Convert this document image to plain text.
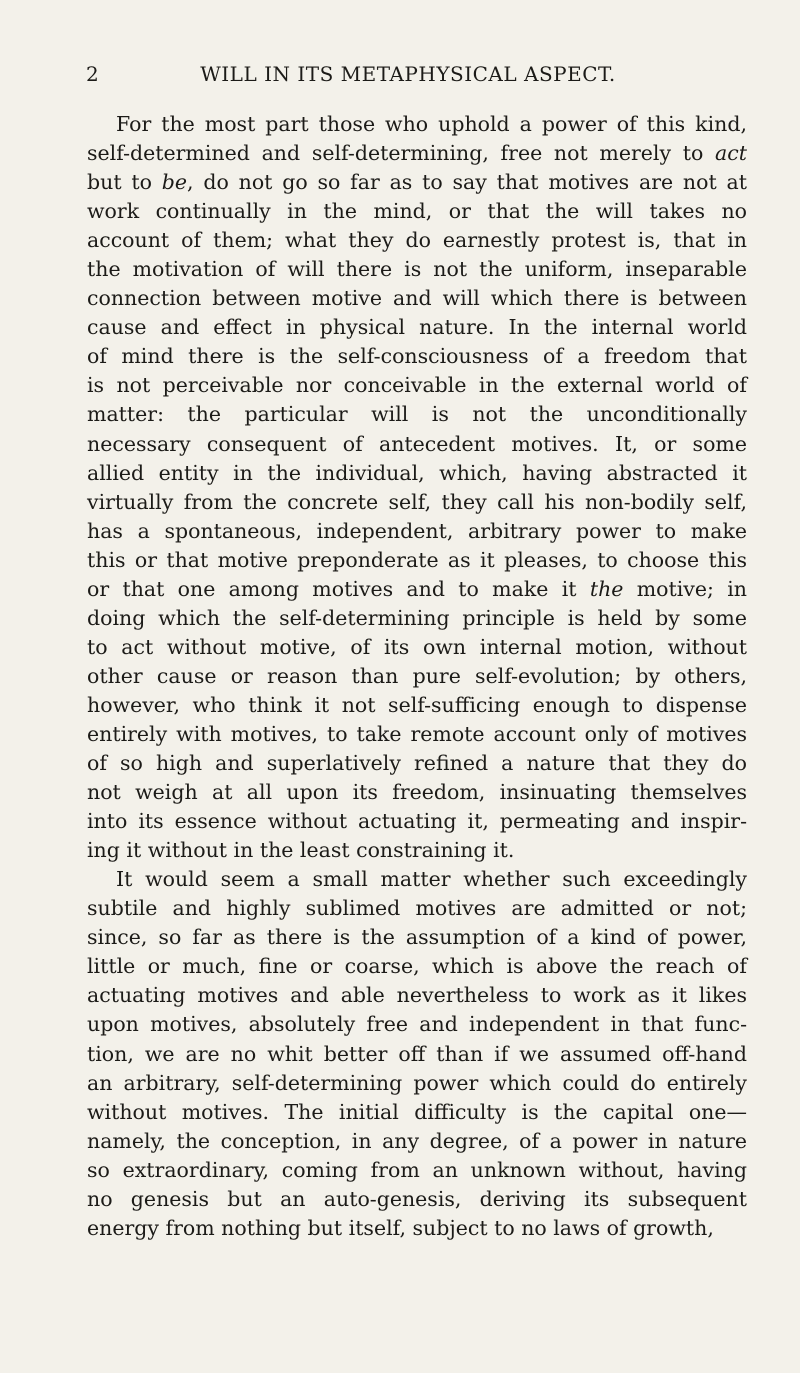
2	WILL IN ITS METAPHYSICAL ASPECT.
For the most part those who uphold a power of this kind,
self-determined and self-determining, free not merely to act
but to be, do not go so far as to say that motives are not at
work continually in the mind, or that the will takes no
account of them; what they do earnestly protest is, that in
the motivation of will there is not the uniform, inseparable
connection between motive and will which there is between
cause and effect in physical nature. In the internal world
of mind there is the self-consciousness of a freedom that
is not perceivable nor conceivable in the external world of
matter: the particular will is not the unconditionally
necessary consequent of antecedent motives. It, or some
allied entity in the individual, which, having abstracted it
virtually from the concrete self, they call his non-bodily self,
has a spontaneous, independent, arbitrary power to make
this or that motive preponderate as it pleases, to choose this
or that one among motives and to make it the motive; in
doing which the self-determining principle is held by some
to act without motive, of its own internal motion, without
other cause or reason than pure self-evolution; by others,
however, who think it not self-sufficing enough to dispense
entirely with motives, to take remote account only of motives
of so high and superlatively refined a nature that they do
not weigh at all upon its freedom, insinuating themselves
into its essence without actuating it, permeating and inspir-
ing it without in the least constraining it.
It would seem a small matter whether such exceedingly
subtile and highly sublimed motives are admitted or not;
since, so far as there is the assumption of a kind of power,
little or much, fine or coarse, which is above the reach of
actuating motives and able nevertheless to work as it likes
upon motives, absolutely free and independent in that func-
tion, we are no whit better off than if we assumed off-hand
an arbitrary, self-determining power which could do entirely
without motives. The initial difficulty is the capital one—
namely, the conception, in any degree, of a power in nature
so extraordinary, coming from an unknown without, having
no genesis but an auto-genesis, deriving its subsequent
energy from nothing but itself, subject to no laws of growth,
